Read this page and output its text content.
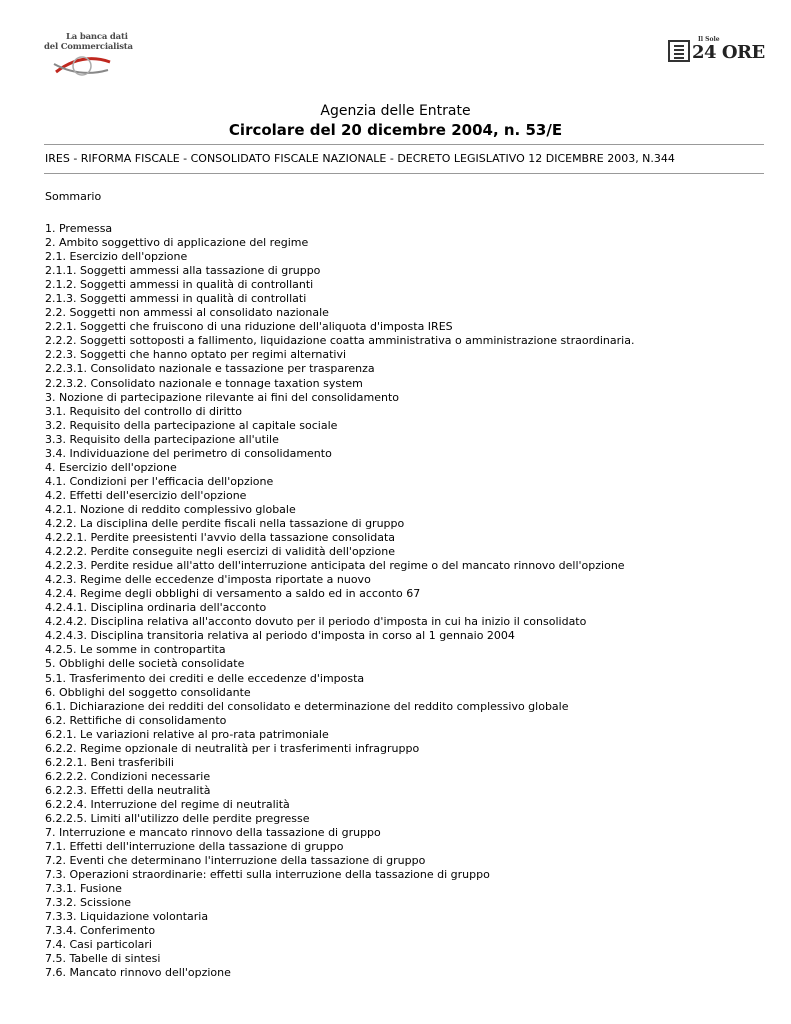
La banca dati
del Commercialista
Il Sole
24 ORE
Agenzia delle Entrate
Circolare del 20 dicembre 2004, n. 53/E
IRES - RIFORMA FISCALE - CONSOLIDATO FISCALE NAZIONALE - DECRETO LEGISLATIVO 12 DICEMBRE 2003, N.344
Sommario
1. Premessa
2. Ambito soggettivo di applicazione del regime
2.1. Esercizio dell'opzione
2.1.1. Soggetti ammessi alla tassazione di gruppo
2.1.2. Soggetti ammessi in qualità di controllanti
2.1.3. Soggetti ammessi in qualità di controllati
2.2. Soggetti non ammessi al consolidato nazionale
2.2.1. Soggetti che fruiscono di una riduzione dell'aliquota d'imposta IRES
2.2.2. Soggetti sottoposti a fallimento, liquidazione coatta amministrativa o amministrazione straordinaria.
2.2.3. Soggetti che hanno optato per regimi alternativi
2.2.3.1. Consolidato nazionale e tassazione per trasparenza
2.2.3.2. Consolidato nazionale e tonnage taxation system
3. Nozione di partecipazione rilevante ai fini del consolidamento
3.1. Requisito del controllo di diritto
3.2. Requisito della partecipazione al capitale sociale
3.3. Requisito della partecipazione all'utile
3.4. Individuazione del perimetro di consolidamento
4. Esercizio dell'opzione
4.1. Condizioni per l'efficacia dell'opzione
4.2. Effetti dell'esercizio dell'opzione
4.2.1. Nozione di reddito complessivo globale
4.2.2. La disciplina delle perdite fiscali nella tassazione di gruppo
4.2.2.1. Perdite preesistenti l'avvio della tassazione consolidata
4.2.2.2. Perdite conseguite negli esercizi di validità dell'opzione
4.2.2.3. Perdite residue all'atto dell'interruzione anticipata del regime o del mancato rinnovo dell'opzione
4.2.3. Regime delle eccedenze d'imposta riportate a nuovo
4.2.4. Regime degli obblighi di versamento a saldo ed in acconto 67
4.2.4.1. Disciplina ordinaria dell'acconto
4.2.4.2. Disciplina relativa all'acconto dovuto per il periodo d'imposta in cui ha inizio il consolidato
4.2.4.3. Disciplina transitoria relativa al periodo d'imposta in corso al 1 gennaio 2004
4.2.5. Le somme in contropartita
5. Obblighi delle società consolidate
5.1. Trasferimento dei crediti e delle eccedenze d'imposta
6. Obblighi del soggetto consolidante
6.1. Dichiarazione dei redditi del consolidato e determinazione del reddito complessivo globale
6.2. Rettifiche di consolidamento
6.2.1. Le variazioni relative al pro-rata patrimoniale
6.2.2. Regime opzionale di neutralità per i trasferimenti infragruppo
6.2.2.1. Beni trasferibili
6.2.2.2. Condizioni necessarie
6.2.2.3. Effetti della neutralità
6.2.2.4. Interruzione del regime di neutralità
6.2.2.5. Limiti all'utilizzo delle perdite pregresse
7. Interruzione e mancato rinnovo della tassazione di gruppo
7.1. Effetti dell'interruzione della tassazione di gruppo
7.2. Eventi che determinano l'interruzione della tassazione di gruppo
7.3. Operazioni straordinarie: effetti sulla interruzione della tassazione di gruppo
7.3.1. Fusione
7.3.2. Scissione
7.3.3. Liquidazione volontaria
7.3.4. Conferimento
7.4. Casi particolari
7.5. Tabelle di sintesi
7.6. Mancato rinnovo dell'opzione
